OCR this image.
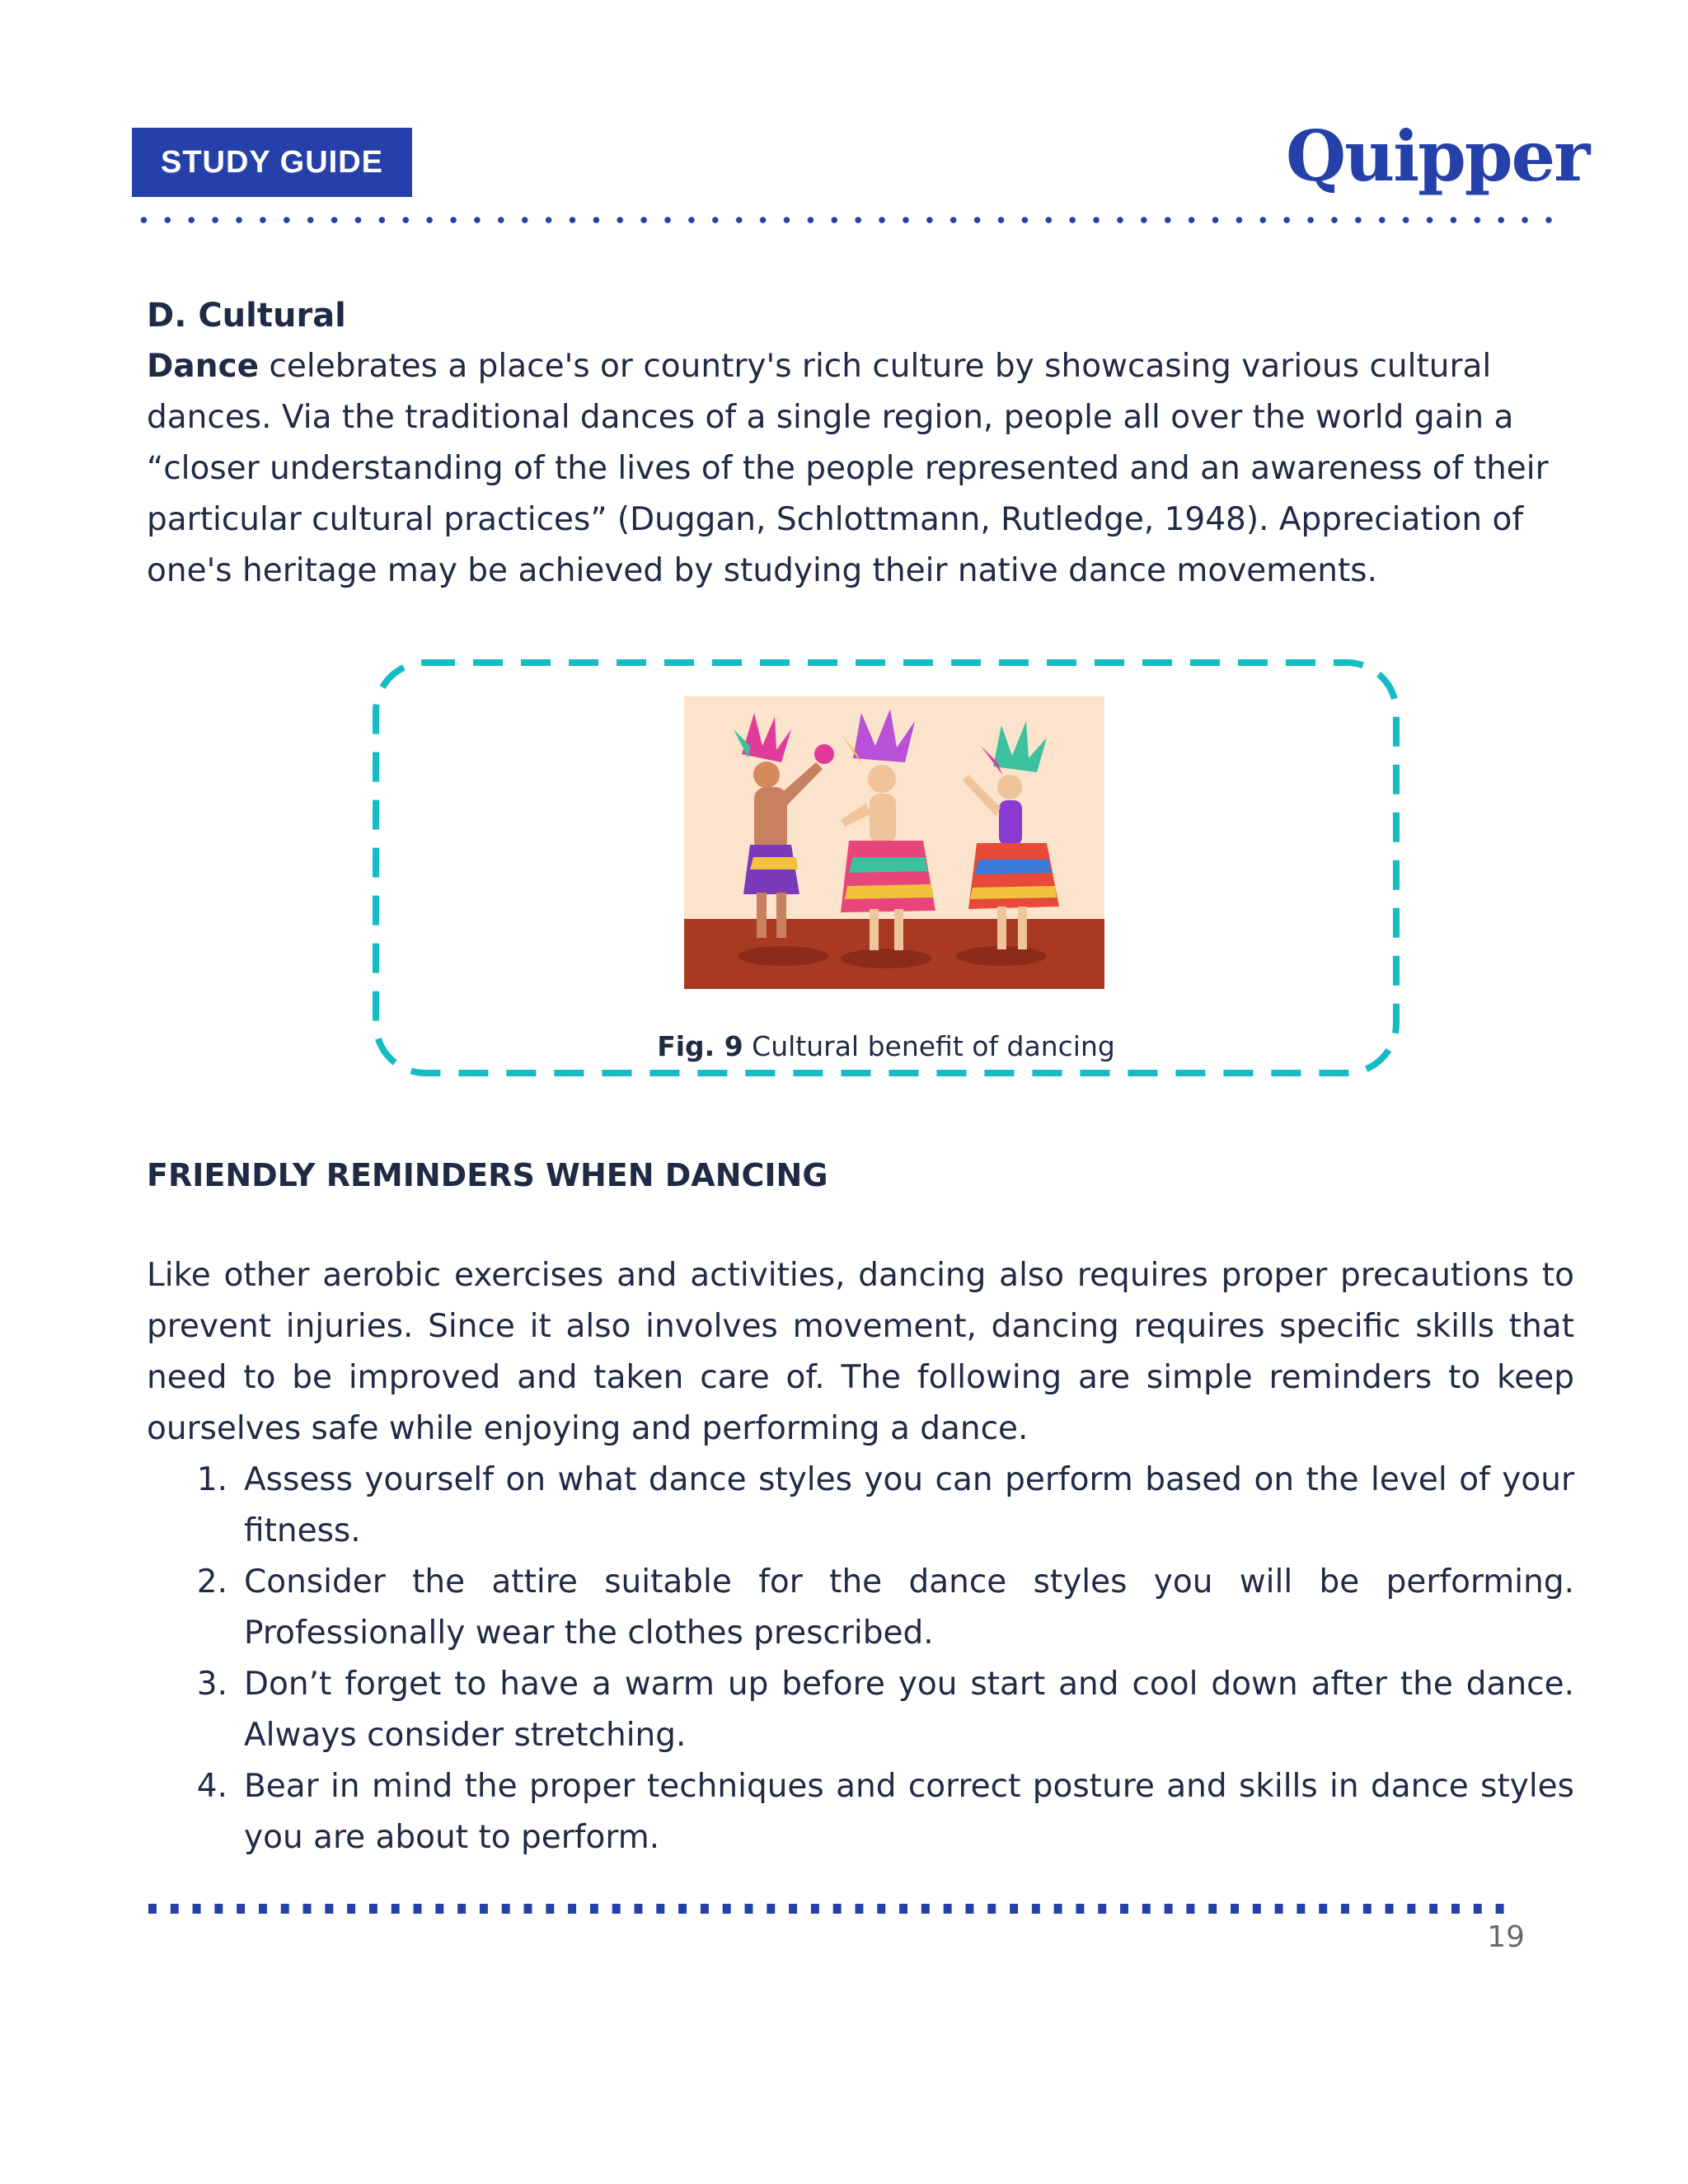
STUDY GUIDE	Quipper
D. Cultural
Dance celebrates a place's or country's rich culture by showcasing various cultural dances. Via the traditional dances of a single region, people all over the world gain a “closer understanding of the lives of the people represented and an awareness of their particular cultural practices” (Duggan, Schlottmann, Rutledge, 1948). Appreciation of one's heritage may be achieved by studying their native dance movements.
Fig. 9 Cultural benefit of dancing
FRIENDLY REMINDERS WHEN DANCING
Like other aerobic exercises and activities, dancing also requires proper precautions to prevent injuries. Since it also involves movement, dancing requires specific skills that need to be improved and taken care of. The following are simple reminders to keep ourselves safe while enjoying and performing a dance.
1. Assess yourself on what dance styles you can perform based on the level of your fitness.
2. Consider the attire suitable for the dance styles you will be performing. Professionally wear the clothes prescribed.
3. Don’t forget to have a warm up before you start and cool down after the dance. Always consider stretching.
4. Bear in mind the proper techniques and correct posture and skills in dance styles you are about to perform.
19
